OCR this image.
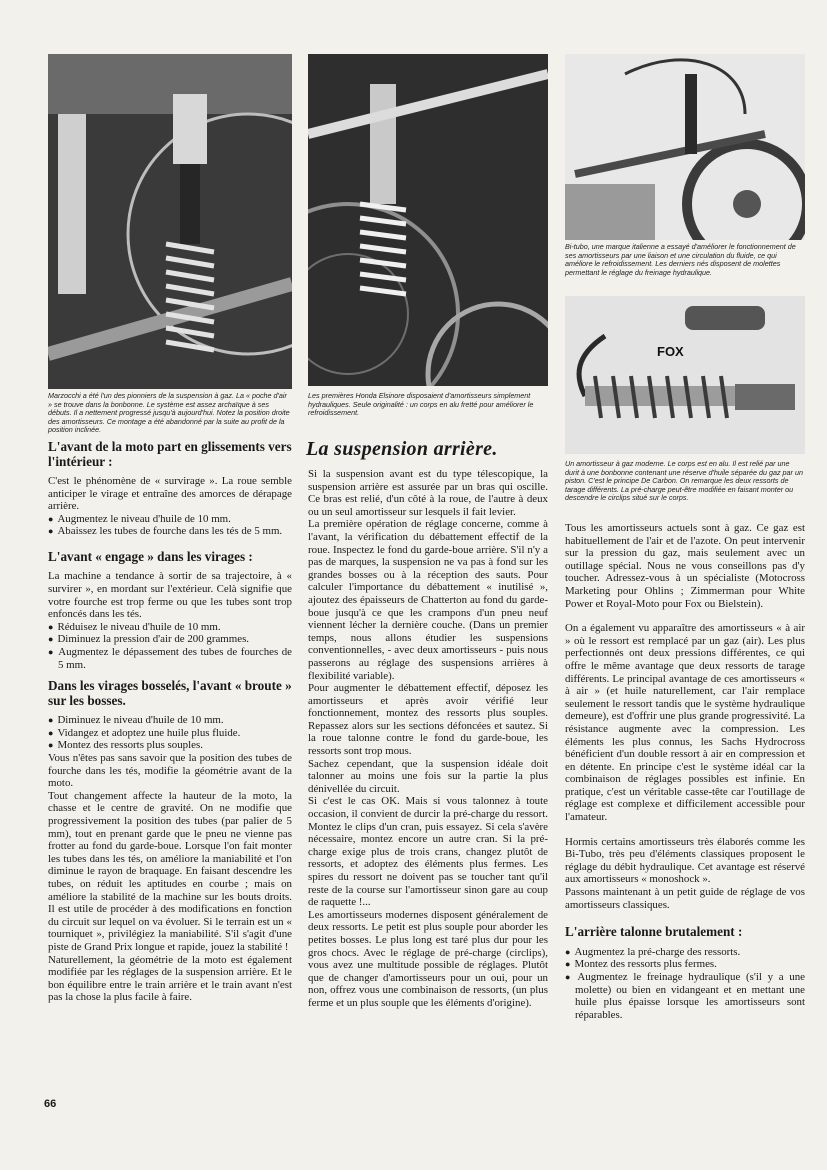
Marzocchi a été l'un des pionniers de la suspension à gaz. La « poche d'air » se trouve dans la bonbonne. Le système est assez archaïque à ses débuts. Il a nettement progressé jusqu'à aujourd'hui. Notez la position droite des amortisseurs. Ce montage a été abandonné par la suite au profit de la position inclinée.
Les premières Honda Elsinore disposaient d'amortisseurs simplement hydrauliques. Seule originalité : un corps en alu fretté pour améliorer le refroidissement.
Bi-tubo, une marque italienne a essayé d'améliorer le fonctionnement de ses amortisseurs par une liaison et une circulation du fluide, ce qui améliore le refroidissement. Les derniers nés disposent de molettes permettant le réglage du freinage hydraulique.
FOX
Un amortisseur à gaz moderne. Le corps est en alu. Il est relié par une durit à une bonbonne contenant une réserve d'huile séparée du gaz par un piston. C'est le principe De Carbon. On remarque les deux ressorts de tarage différents. La pré-charge peut-être modifiée en faisant monter ou descendre le circlips situé sur le corps.
L'avant de la moto part en glissements vers l'intérieur :

C'est le phénomène de « survirage ». La roue semble anticiper le virage et entraîne des amorces de dérapage arrière.

● Augmentez le niveau d'huile de 10 mm.

● Abaissez les tubes de fourche dans les tés de 5 mm.

L'avant « engage » dans les virages :

La machine a tendance à sortir de sa trajectoire, à « survirer », en mordant sur l'extérieur. Celà signifie que votre fourche est trop ferme ou que les tubes sont trop enfoncés dans les tés.

● Réduisez le niveau d'huile de 10 mm.

● Diminuez la pression d'air de 200 grammes.

● Augmentez le dépassement des tubes de fourches de 5 mm.

Dans les virages bosselés, l'avant « broute » sur les bosses.

● Diminuez le niveau d'huile de 10 mm.

● Vidangez et adoptez une huile plus fluide.

● Montez des ressorts plus souples.

Vous n'êtes pas sans savoir que la position des tubes de fourche dans les tés, modifie la géométrie avant de la moto.

Tout changement affecte la hauteur de la moto, la chasse et le centre de gravité. On ne modifie que progressivement la position des tubes (par palier de 5 mm), tout en prenant garde que le pneu ne vienne pas frotter au fond du garde-boue. Lorsque l'on fait monter les tubes dans les tés, on améliore la maniabilité et l'on diminue le rayon de braquage. En faisant descendre les tubes, on réduit les aptitudes en courbe ; mais on améliore la stabilité de la machine sur les bouts droits. Il est utile de procéder à des modifications en fonction du circuit sur lequel on va évoluer. Si le terrain est un « tourniquet », privilégiez la maniabilité. S'il s'agit d'une piste de Grand Prix longue et rapide, jouez la stabilité !

Naturellement, la géométrie de la moto est également modifiée par les réglages de la suspension arrière. Et le bon équilibre entre le train arrière et le train avant n'est pas la chose la plus facile à faire.

La suspension arrière.

Si la suspension avant est du type télescopique, la suspension arrière est assurée par un bras qui oscille. Ce bras est relié, d'un côté à la roue, de l'autre à deux ou un seul amortisseur sur lesquels il fait levier.

La première opération de réglage concerne, comme à l'avant, la vérification du débattement effectif de la roue. Inspectez le fond du garde-boue arrière. S'il n'y a pas de marques, la suspension ne va pas à fond sur les grandes bosses ou à la réception des sauts. Pour calculer l'importance du débattement « inutilisé », ajoutez des épaisseurs de Chatterton au fond du garde-boue jusqu'à ce que les crampons d'un pneu neuf viennent lécher la dernière couche. (Dans un premier temps, nous allons étudier les suspensions conventionnelles, - avec deux amortisseurs - puis nous passerons au réglage des suspensions arrières à flexibilité variable).

Pour augmenter le débattement effectif, déposez les amortisseurs et après avoir vérifié leur fonctionnement, montez des ressorts plus souples. Repassez alors sur les sections défoncées et sautez. Si la roue talonne contre le fond du garde-boue, les ressorts sont trop mous.

Sachez cependant, que la suspension idéale doit talonner au moins une fois sur la partie la plus dénivellée du circuit.

Si c'est le cas OK. Mais si vous talonnez à toute occasion, il convient de durcir la pré-charge du ressort. Montez le clips d'un cran, puis essayez. Si cela s'avère nécessaire, montez encore un autre cran. Si la pré-charge exige plus de trois crans, changez plutôt de ressorts, et adoptez des éléments plus fermes. Les spires du ressort ne doivent pas se toucher tant qu'il reste de la course sur l'amortisseur sinon gare au coup de raquette !...

Les amortisseurs modernes disposent généralement de deux ressorts. Le petit est plus souple pour aborder les petites bosses. Le plus long est taré plus dur pour les gros chocs. Avec le réglage de pré-charge (circlips), vous avez une multitude possible de réglages. Plutôt que de changer d'amortisseurs pour un oui, pour un non, offrez vous une combinaison de ressorts, (un plus ferme et un plus souple que les éléments d'origine).

Tous les amortisseurs actuels sont à gaz. Ce gaz est habituellement de l'air et de l'azote. On peut intervenir sur la pression du gaz, mais seulement avec un outillage spécial. Nous ne vous conseillons pas d'y toucher. Adressez-vous à un spécialiste (Motocross Marketing pour Ohlins ; Zimmerman pour White Power et Royal-Moto pour Fox ou Bielstein).

On a également vu apparaître des amortisseurs « à air » où le ressort est remplacé par un gaz (air). Les plus perfectionnés ont deux pressions différentes, ce qui offre le même avantage que deux ressorts de tarage différents. Le principal avantage de ces amortisseurs « à air » (et huile naturellement, car l'air remplace seulement le ressort tandis que le système hydraulique demeure), est d'offrir une plus grande progressivité. La résistance augmente avec la compression. Les éléments les plus connus, les Sachs Hydrocross bénéficient d'un double ressort à air en compression et en détente. En principe c'est le système idéal car la combinaison de réglages possibles est infinie. En pratique, c'est un véritable casse-tête car l'outillage de réglage est complexe et difficilement accessible pour l'amateur.

Hormis certains amortisseurs très élaborés comme les Bi-Tubo, très peu d'éléments classiques proposent le réglage du débit hydraulique. Cet avantage est réservé aux amortisseurs « monoshock ».

Passons maintenant à un petit guide de réglage de vos amortisseurs classiques.

L'arrière talonne brutalement :

● Augmentez la pré-charge des ressorts.

● Montez des ressorts plus fermes.

● Augmentez le freinage hydraulique (s'il y a une molette) ou bien en vidangeant et en mettant une huile plus épaisse lorsque les amortisseurs sont réparables.

66
